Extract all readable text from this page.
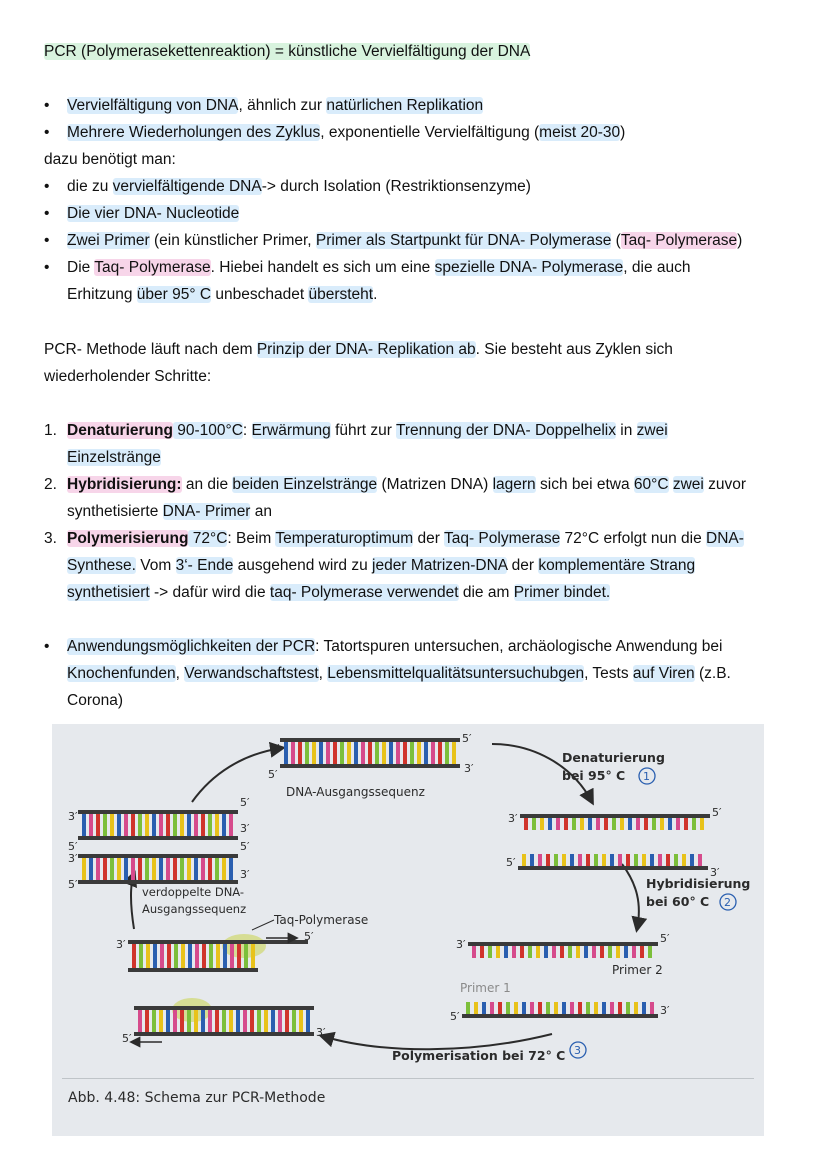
PCR (Polymerasekettenreaktion) = künstliche Vervielfältigung der DNA
• Vervielfältigung von DNA, ähnlich zur natürlichen Replikation
• Mehrere Wiederholungen des Zyklus, exponentielle Vervielfältigung (meist 20-30)
dazu benötigt man:
• die zu vervielfältigende DNA-> durch Isolation (Restriktionsenzyme)
• Die vier DNA- Nucleotide
• Zwei Primer (ein künstlicher Primer, Primer als Startpunkt für DNA- Polymerase (Taq- Polymerase)
• Die Taq- Polymerase. Hiebei handelt es sich um eine spezielle DNA- Polymerase, die auch
Erhitzung über 95° C unbeschadet übersteht.
PCR- Methode läuft nach dem Prinzip der DNA- Replikation ab. Sie besteht aus Zyklen sich
wiederholender Schritte:
1. Denaturierung 90-100°C: Erwärmung führt zur Trennung der DNA- Doppelhelix in zwei
Einzelstränge
2. Hybridisierung: an die beiden Einzelstränge (Matrizen DNA) lagern sich bei etwa 60°C zwei zuvor
synthetisierte DNA- Primer an
3. Polymerisierung 72°C: Beim Temperaturoptimum der Taq- Polymerase 72°C erfolgt nun die DNA-
Synthese. Vom 3‘- Ende ausgehend wird zu jeder Matrizen-DNA der komplementäre Strang
synthetisiert -> dafür wird die taq- Polymerase verwendet die am Primer bindet.
• Anwendungsmöglichkeiten der PCR: Tatortspuren untersuchen, archäologische Anwendung bei
Knochenfunden, Verwandschaftstest, Lebensmittelqualitätsuntersuchubgen, Tests auf Viren (z.B.
Corona)
3′
5′
5′	3′
DNA-Ausgangssequenz
Denaturierung
bei 95° C 1
3′	5′
5′
3′
Hybridisierung
bei 60° C 2
3′	5′
5′	3′
Primer 2
Primer 1
Polymerisation bei 72° C 3
5′
3′
3′
5′
5′
3′
3′
5′
verdoppelte DNA-
Ausgangssequenz
Taq-Polymerase
3′
5′
5′	3′
Abb. 4.48: Schema zur PCR-Methode
